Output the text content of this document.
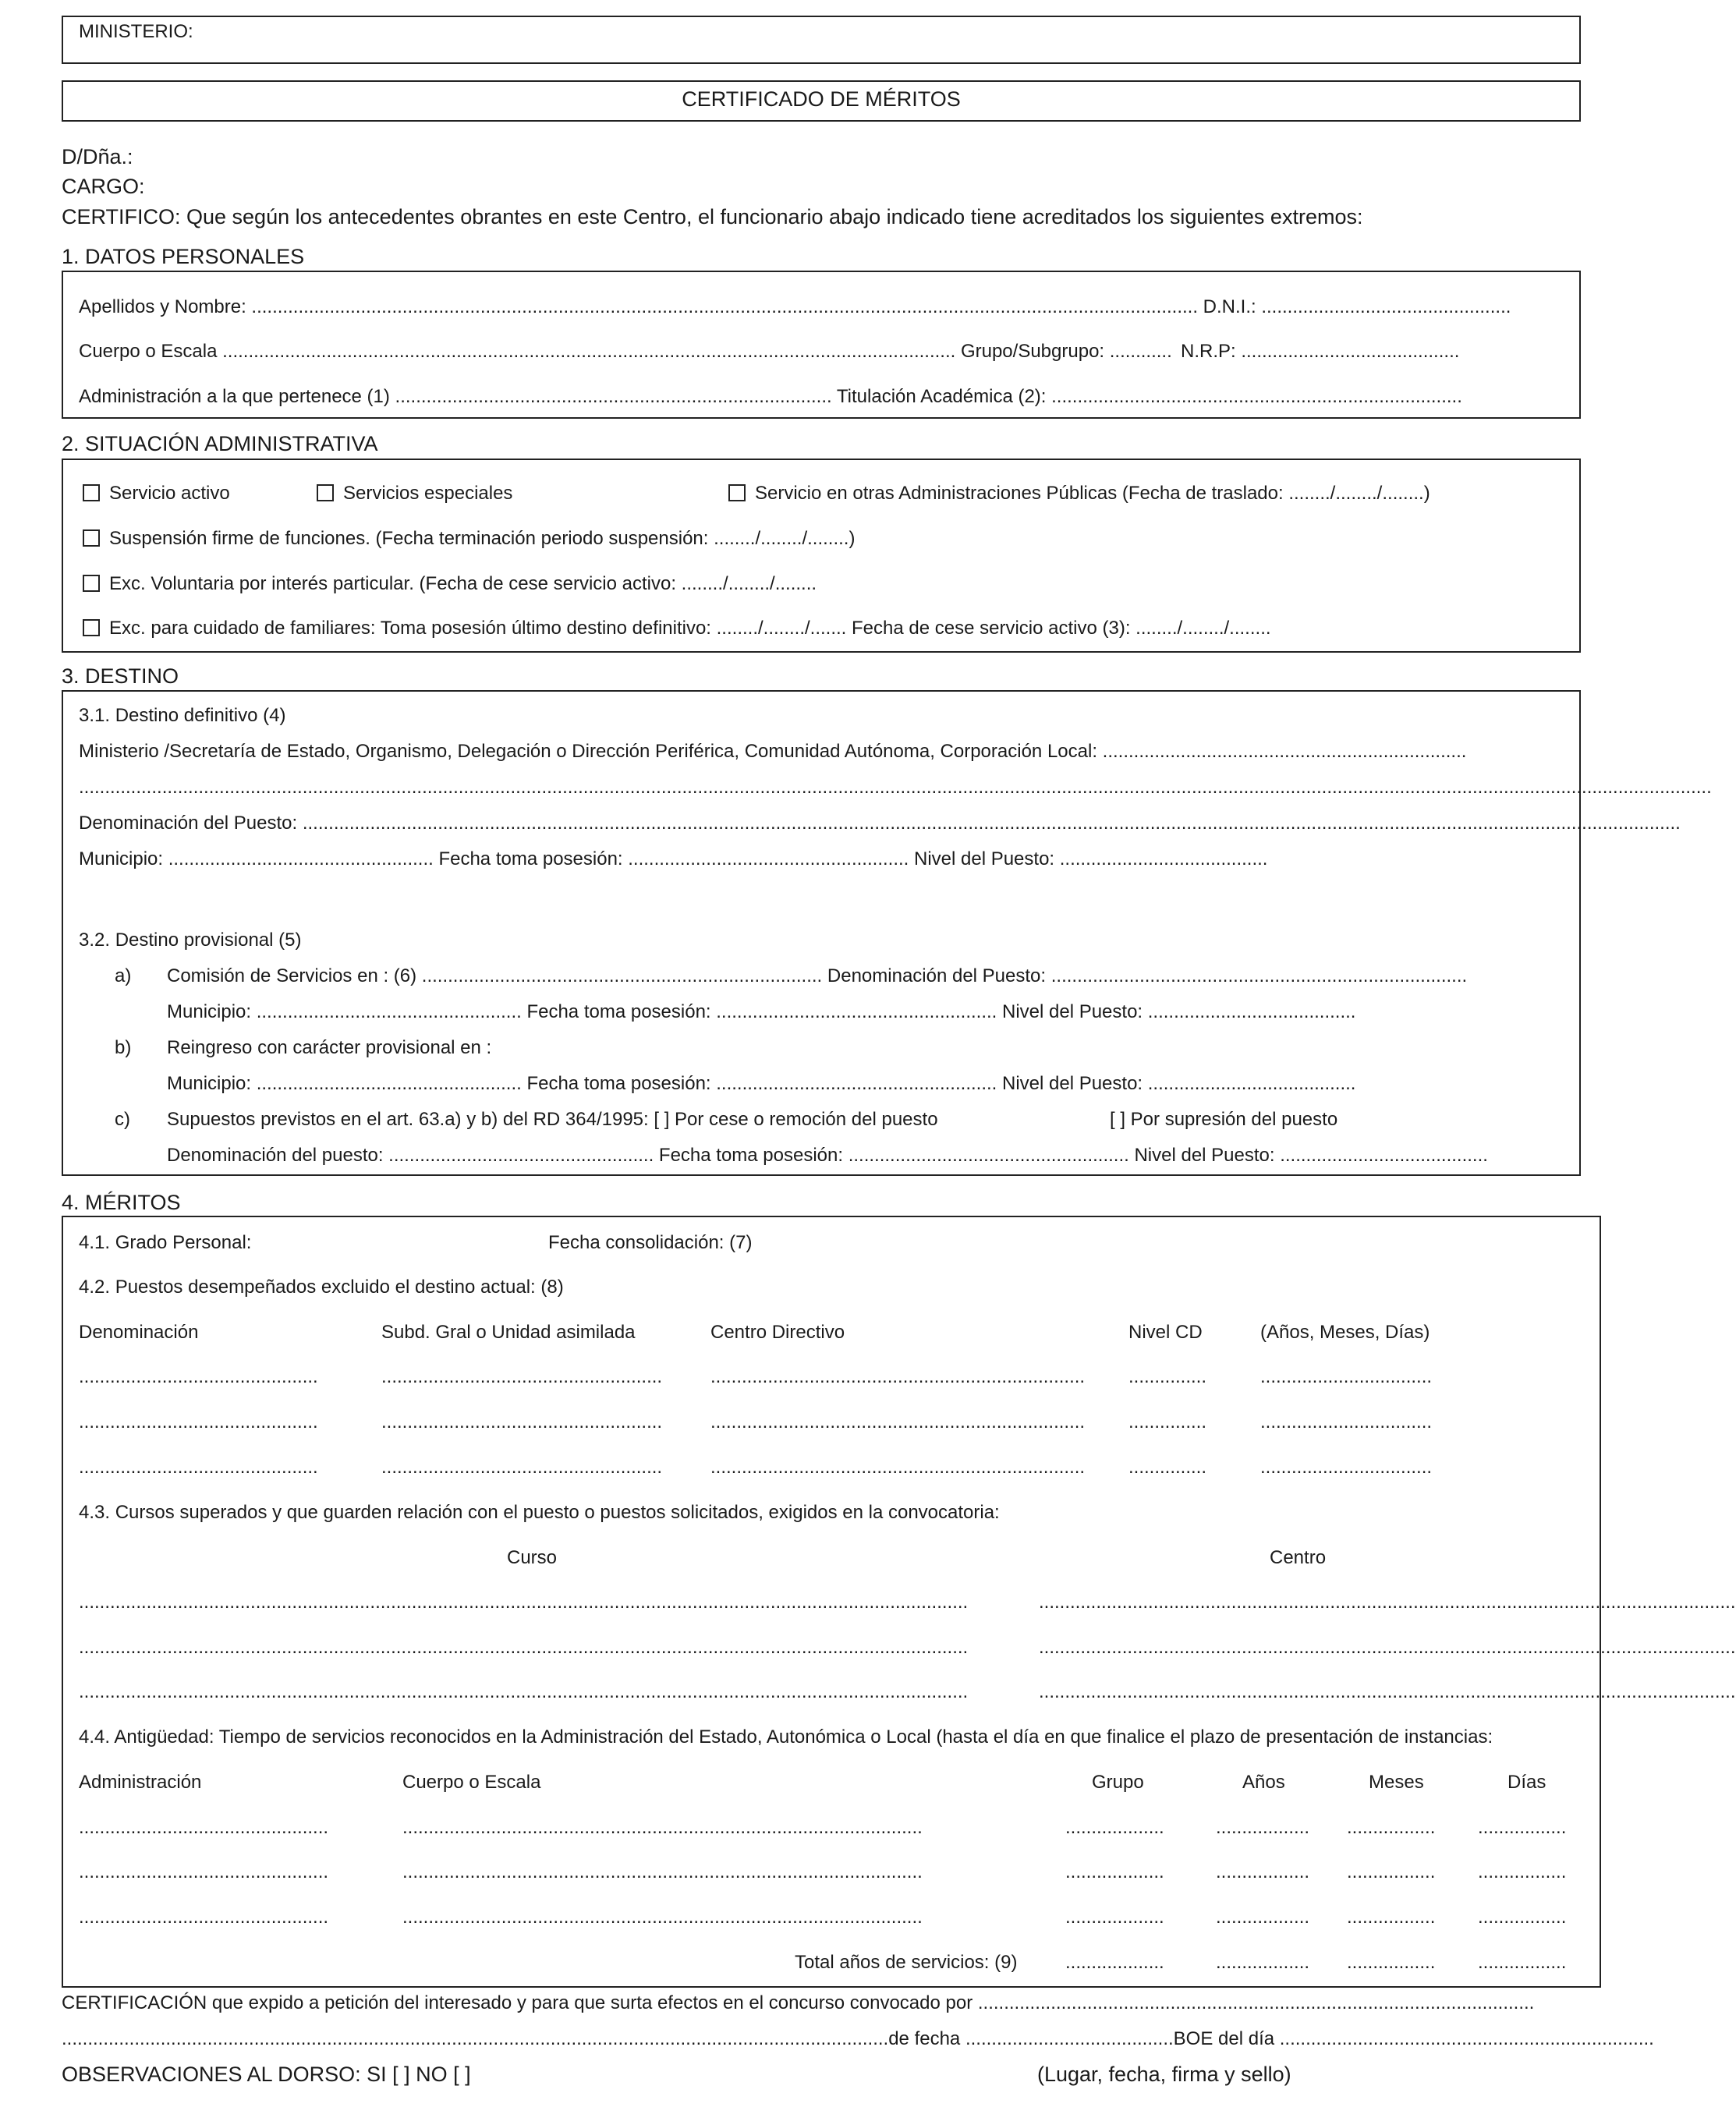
MINISTERIO:
CERTIFICADO DE MÉRITOS
D/Dña.:
CARGO:
CERTIFICO: Que según los antecedentes obrantes en este Centro, el funcionario abajo indicado tiene acreditados los siguientes extremos:
1. DATOS PERSONALES
Apellidos y Nombre: ...................................................................................................................................................................................... D.N.I.: ................................................
Cuerpo o Escala ............................................................................................................................................. Grupo/Subgrupo: ............ N.R.P: ..........................................
Administración a la que pertenece (1) .................................................................................... Titulación Académica (2): ...............................................................................
2. SITUACIÓN ADMINISTRATIVA
Servicio activo	Servicios especiales	Servicio en otras Administraciones Públicas (Fecha de traslado: ......../......../........)
Suspensión firme de funciones. (Fecha terminación periodo suspensión: ......../......../........)
Exc. Voluntaria por interés particular. (Fecha de cese servicio activo: ......../......../........
Exc. para cuidado de familiares: Toma posesión último destino definitivo: ......../......../....... Fecha de cese servicio activo (3): ......../......../........
3. DESTINO
3.1. Destino definitivo (4)
Ministerio /Secretaría de Estado, Organismo, Delegación o Dirección Periférica, Comunidad Autónoma, Corporación Local: ......................................................................
..........................................................................................................................................................................................................................................................................................................................
Denominación del Puesto: .........................................................................................................................................................................................................................................................................
Municipio: ................................................... Fecha toma posesión: ...................................................... Nivel del Puesto: ........................................
3.2. Destino provisional (5)
a) Comisión de Servicios en : (6) ............................................................................. Denominación del Puesto: ................................................................................
Municipio: ................................................... Fecha toma posesión: ...................................................... Nivel del Puesto: ........................................
b) Reingreso con carácter provisional en :
Municipio: ................................................... Fecha toma posesión: ...................................................... Nivel del Puesto: ........................................
c) Supuestos previstos en el art. 63.a) y b) del RD 364/1995: [ ] Por cese o remoción del puesto	[ ] Por supresión del puesto
Denominación del puesto: ................................................... Fecha toma posesión: ...................................................... Nivel del Puesto: ........................................
4. MÉRITOS
4.1. Grado Personal:	Fecha consolidación: (7)
4.2. Puestos desempeñados excluido el destino actual: (8)
Denominación	Subd. Gral o Unidad asimilada	Centro Directivo	Nivel CD	(Años, Meses, Días)
..............................................	......................................................	........................................................................ ...............	.................................
..............................................	......................................................	........................................................................ ...............	.................................
..............................................	......................................................	........................................................................ ...............	.................................
4.3. Cursos superados y que guarden relación con el puesto o puestos solicitados, exigidos en la convocatoria:
Curso	Centro
...........................................................................................................................................................................	......................................................................................................................................
...........................................................................................................................................................................	......................................................................................................................................
...........................................................................................................................................................................	......................................................................................................................................
4.4. Antigüedad: Tiempo de servicios reconocidos en la Administración del Estado, Autonómica o Local (hasta el día en que finalice el plazo de presentación de instancias:
Administración	Cuerpo o Escala	Grupo	Años	Meses	Días
................................................	....................................................................................................	...................	.................. ................. .................
................................................	....................................................................................................	...................	.................. ................. .................
................................................	....................................................................................................	...................	.................. ................. .................
Total años de servicios: (9)	...................	.................. ................. .................
CERTIFICACIÓN que expido a petición del interesado y para que surta efectos en el concurso convocado por ...........................................................................................................
...............................................................................................................................................................de fecha ........................................BOE del día ........................................................................
OBSERVACIONES AL DORSO: SI [ ] NO [ ]	(Lugar, fecha, firma y sello)
